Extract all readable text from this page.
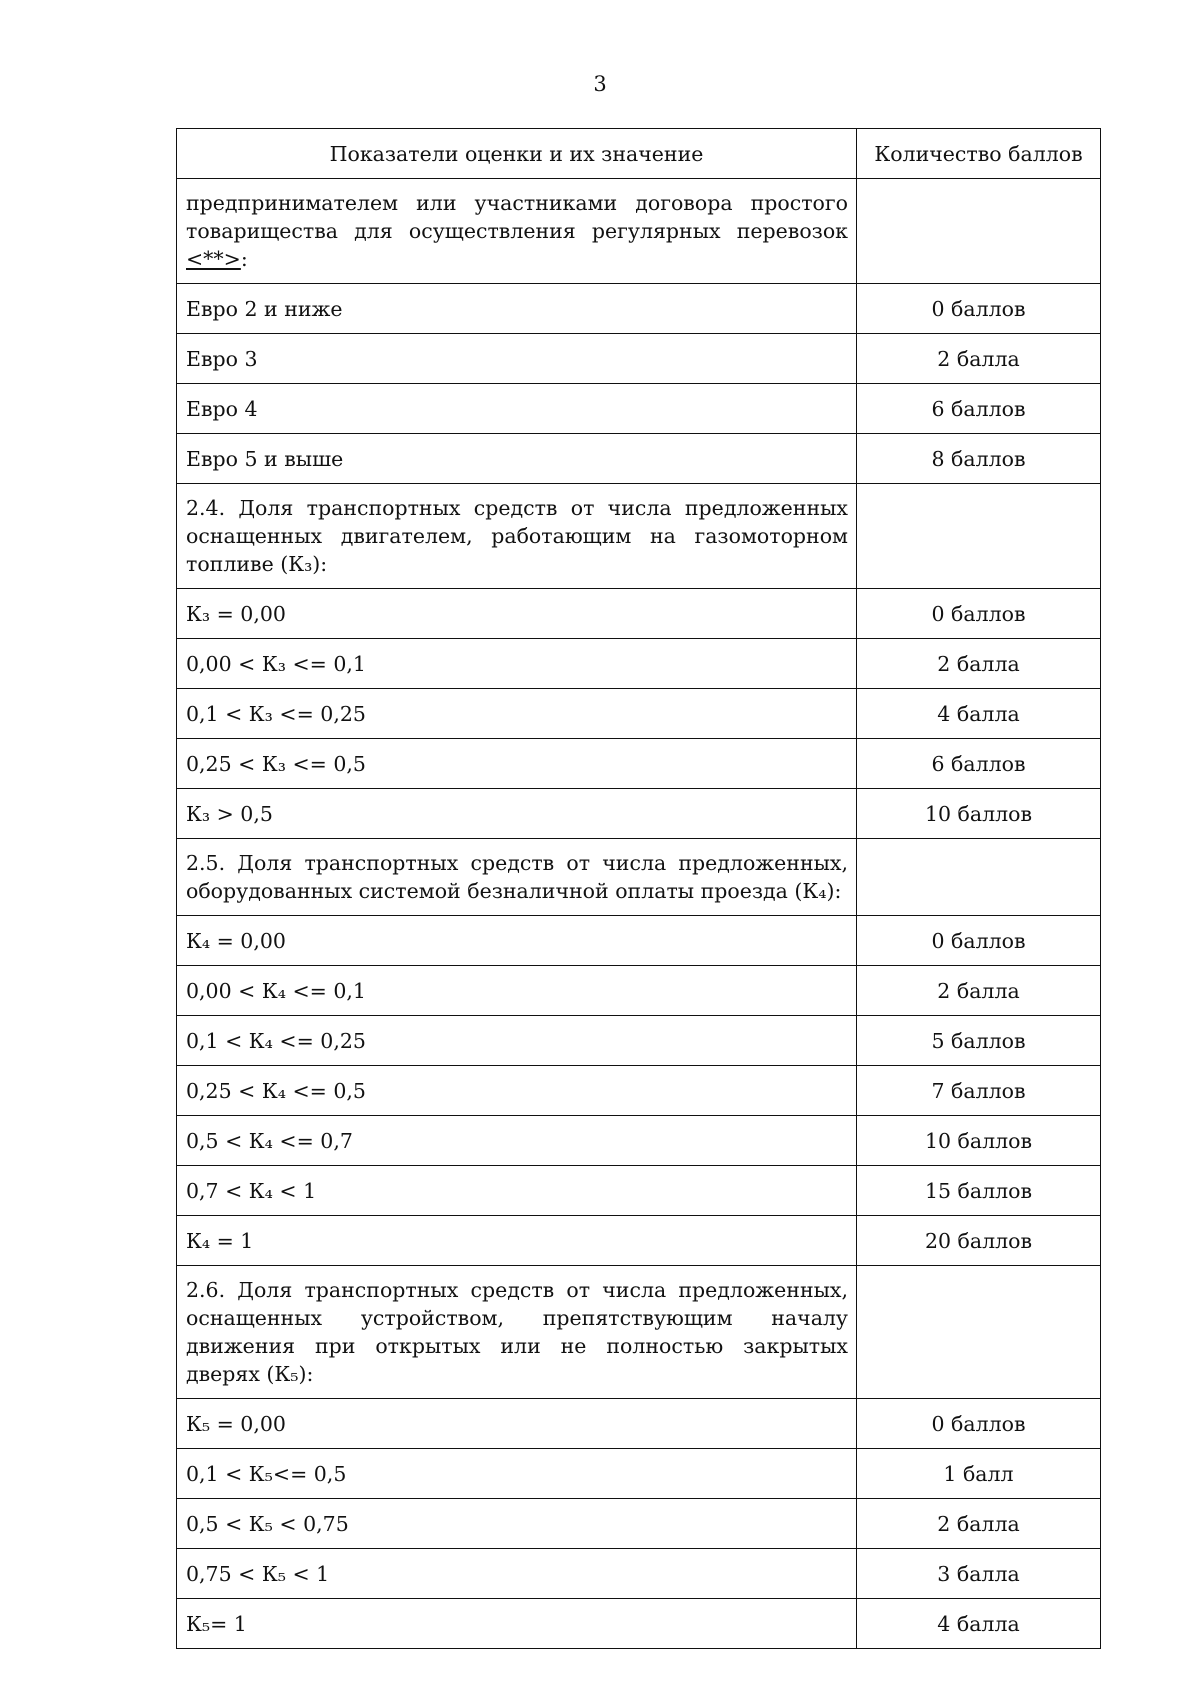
3
Показатели оценки и их значение	Количество баллов
предпринимателем или участниками договора простого товарищества для осуществления регулярных перевозок <**>:	
Евро 2 и ниже	0 баллов
Евро 3	2 балла
Евро 4	6 баллов
Евро 5 и выше	8 баллов
2.4. Доля транспортных средств от числа предложенных оснащенных двигателем, работающим на газомоторном топливе (К₃):	
К₃ = 0,00	0 баллов
0,00 < К₃ <= 0,1	2 балла
0,1 < К₃ <= 0,25	4 балла
0,25 < К₃ <= 0,5	6 баллов
К₃ > 0,5	10 баллов
2.5. Доля транспортных средств от числа предложенных, оборудованных системой безналичной оплаты проезда (К₄):	
К₄ = 0,00	0 баллов
0,00 < К₄ <= 0,1	2 балла
0,1 < К₄ <= 0,25	5 баллов
0,25 < К₄ <= 0,5	7 баллов
0,5 < К₄ <= 0,7	10 баллов
0,7 < К₄ < 1	15 баллов
К₄ = 1	20 баллов
2.6. Доля транспортных средств от числа предложенных, оснащенных устройством, препятствующим началу движения при открытых или не полностью закрытых дверях (К₅):	
К₅ = 0,00	0 баллов
0,1 < К₅<= 0,5	1 балл
0,5 < К₅ < 0,75	2 балла
0,75 < К₅ < 1	3 балла
К₅= 1	4 балла
